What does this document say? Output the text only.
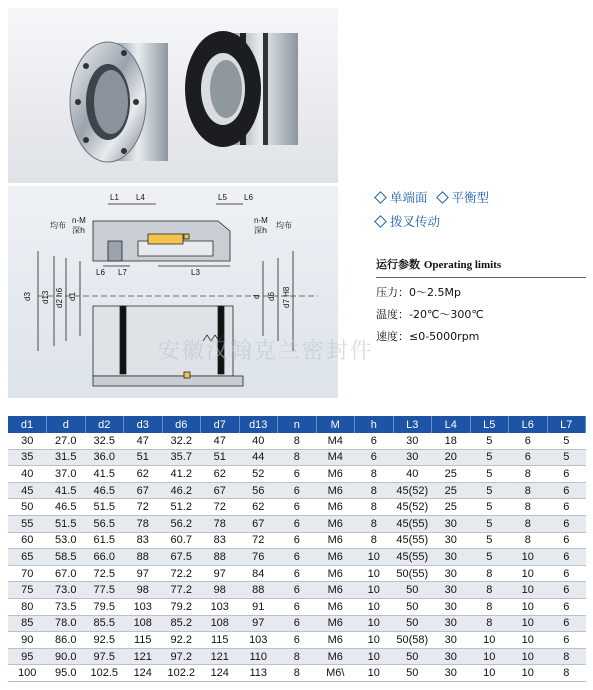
安徽汉翰克兰密封件
L1 L4	L5 L6
n-M
深h
均布
n-M
深h
均布
L6 L7	L3
d3 d13 d2 h6 d1	d d6 d7 H8
单端面 平衡型
拨叉传动
运行参数 Operating limits
压力：0～2.5Mp
温度：-20℃～300℃
速度：≤0-5000rpm
d1	d	d2	d3	d6	d7	d13	n	M	h	L3	L4	L5	L6	L7
30	27.0	32.5	47	32.2	47	40	8	M4	6	30	18	5	6	5
35	31.5	36.0	51	35.7	51	44	8	M4	6	30	20	5	6	5
40	37.0	41.5	62	41.2	62	52	6	M6	8	40	25	5	8	6
45	41.5	46.5	67	46.2	67	56	6	M6	8	45(52)	25	5	8	6
50	46.5	51.5	72	51.2	72	62	6	M6	8	45(52)	25	5	8	6
55	51.5	56.5	78	56.2	78	67	6	M6	8	45(55)	30	5	8	6
60	53.0	61.5	83	60.7	83	72	6	M6	8	45(55)	30	5	8	6
65	58.5	66.0	88	67.5	88	76	6	M6	10	45(55)	30	5	10	6
70	67.0	72.5	97	72.2	97	84	6	M6	10	50(55)	30	8	10	6
75	73.0	77.5	98	77.2	98	88	6	M6	10	50	30	8	10	6
80	73.5	79.5	103	79.2	103	91	6	M6	10	50	30	8	10	6
85	78.0	85.5	108	85.2	108	97	6	M6	10	50	30	8	10	6
90	86.0	92.5	115	92.2	115	103	6	M6	10	50(58)	30	10	10	6
95	90.0	97.5	121	97.2	121	110	8	M6	10	50	30	10	10	8
100	95.0	102.5	124	102.2	124	113	8	M6\	10	50	30	10	10	8
